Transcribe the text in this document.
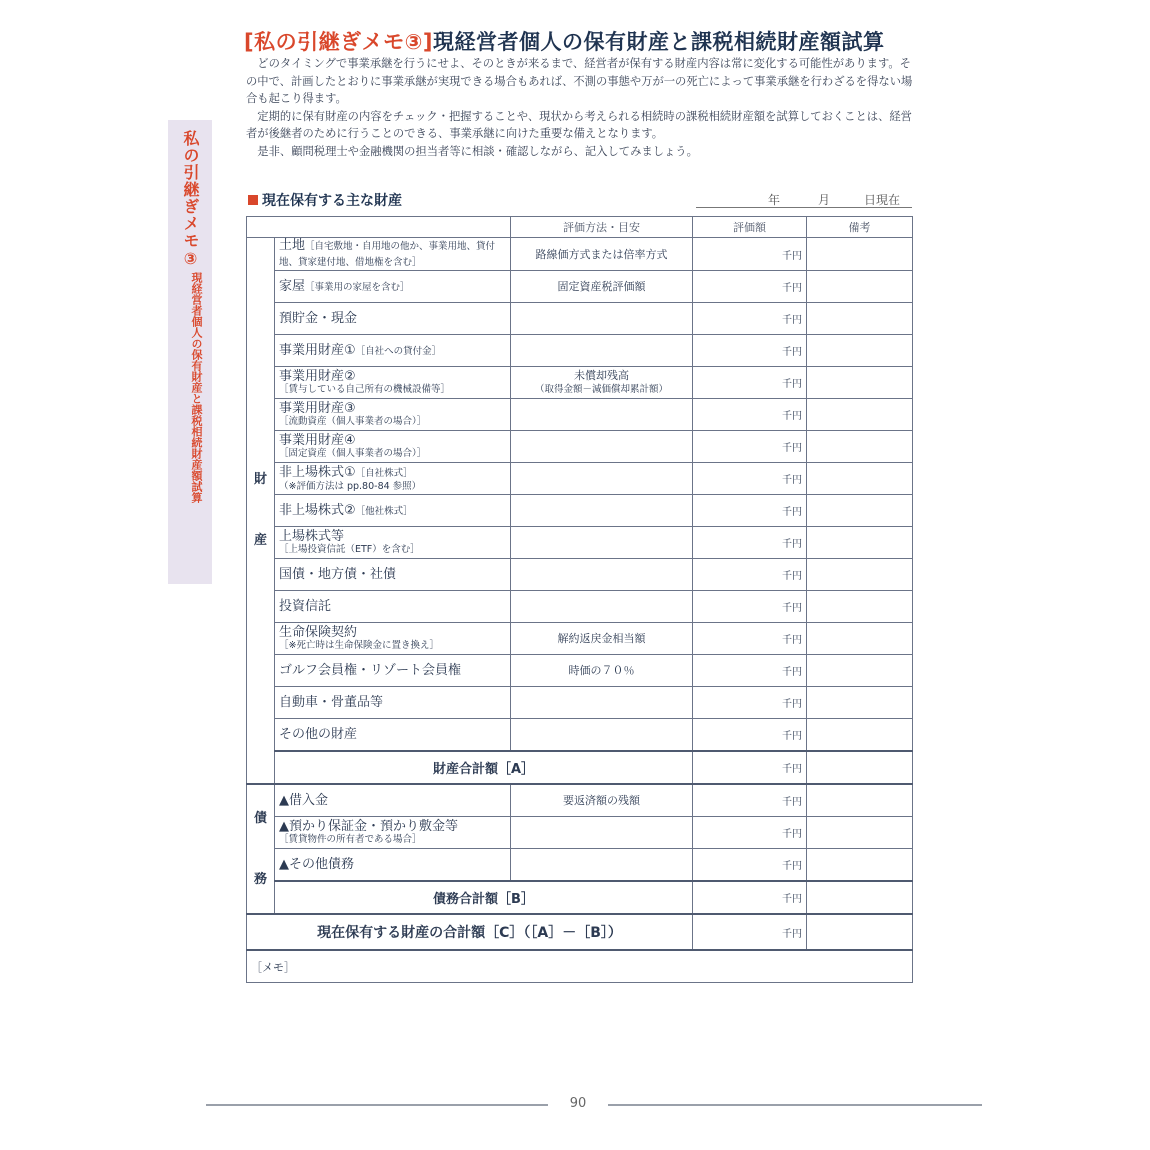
[私の引継ぎメモ③]現経営者個人の保有財産と課税相続財産額試算

どのタイミングで事業承継を行うにせよ、そのときが来るまで、経営者が保有する財産内容は常に変化する可能性があります。その中で、計画したとおりに事業承継が実現できる場合もあれば、不測の事態や万が一の死亡によって事業承継を行わざるを得ない場合も起こり得ます。

定期的に保有財産の内容をチェック・把握することや、現状から考えられる相続時の課税相続財産額を試算しておくことは、経営者が後継者のために行うことのできる、事業承継に向けた重要な備えとなります。

是非、顧問税理士や金融機関の担当者等に相談・確認しながら、記入してみましょう。

私の引継ぎメモ③
現経営者個人の保有財産と課税相続財産額試算
現在保有する主な財産	年	月	日現在
		評価方法・目安	評価額	備考

財

産	土地［自宅敷地・自用地の他か、事業用地、貸付地、貸家建付地、借地権を含む］	路線価方式または倍率方式	千円	

	家屋［事業用の家屋を含む］	固定資産税評価額	千円	

	預貯金・現金		千円	

	事業用財産①［自社への貸付金］		千円	

	事業用財産②
［賃与している自己所有の機械設備等］	未償却残高
（取得金額－減価償却累計額）	千円	

	事業用財産③
［流動資産（個人事業者の場合）］		千円	

	事業用財産④
［固定資産（個人事業者の場合）］		千円	

	非上場株式①［自社株式］
（※評価方法は pp.80-84 参照）		千円	

	非上場株式②［他社株式］		千円	

	上場株式等
［上場投資信託（ETF）を含む］		千円	

	国債・地方債・社債		千円	

	投資信託		千円	

	生命保険契約
［※死亡時は生命保険金に置き換え］	解約返戻金相当額	千円	

	ゴルフ会員権・リゾート会員権	時価の７０％	千円	

	自動車・骨董品等		千円	

	その他の財産		千円	
	財産合計額［A］		千円	

債

務	▲借入金	要返済額の残額	千円	

	▲預かり保証金・預かり敷金等
［賃貸物件の所有者である場合］		千円	

	▲その他債務		千円	
	債務合計額［B］		千円	
現在保有する財産の合計額［C］（［A］－［B］）			千円	
［メモ］				
90
